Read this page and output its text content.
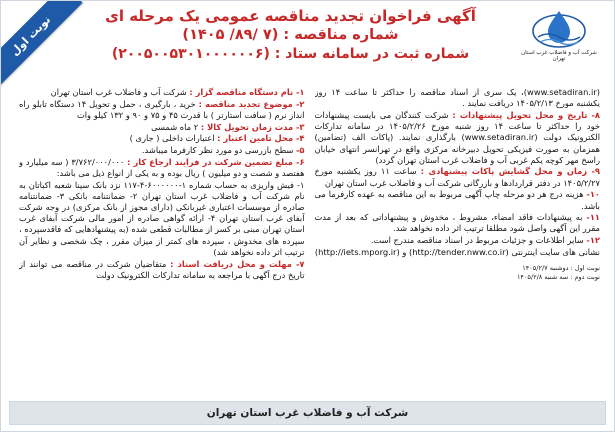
نوبت اول	شرکت آب و فاضلاب غرب استان تهران
آگهی فراخوان تجدید مناقصه عمومی یک مرحله ای
شماره مناقصه : (۷ /۸۹/ ۱۴۰۵)
شماره ثبت در سامانه ستاد : (۲۰۰۵۰۰۵۳۰۱۰۰۰۰۰۰۶)

۱- نام دستگاه مناقصه گزار : شرکت آب و فاضلاب غرب استان تهران

۲- موضوع تجدید مناقصه : خرید ، بارگیری ، حمل و تحویل ۱۴ دستگاه تابلو راه انداز نرم ( سافت استارتر ) با قدرت ۴۵ و ۷۵ و ۹۰ و ۱۳۲ کیلو وات

۳- مدت زمان تحویل کالا : ۲ ماه شمسی

۴- محل تامین اعتبار : اعتبارات داخلی ( جاری )

۵- سطح بازرسی دو مورد نظر کارفرما میباشد.

۶- مبلغ تضمین شرکت در فرایند ارجاع کار : ۳/۷۶۲/۰۰۰/۰۰۰ ( سه میلیارد و هفتصد و شصت و دو میلیون ) ریال بوده و به یکی از انواع ذیل می باشد:

۱- فیش واریزی به حساب شماره ۱-۶۰۰۰۰۰۰-۴-۱۱۷ نزد بانک سینا شعبه اکباتان به نام شرکت آب و فاضلاب غرب استان تهران ۲- ضمانتنامه بانکی ۳- ضمانتنامه صادره از موسسات اعتباری غیربانکی (دارای مجوز از بانک مرکزی) در وجه شرکت آبفای غرب استان تهران ۴- ارائه گواهی صادره از امور مالی شرکت آبفای غرب استان تهران مبنی بر کسر از مطالبات قطعی شده (به پیشنهادهایی که فاقدسپرده ، سپرده های مخدوش ، سپرده های کمتر از میزان مقرر ، چک شخصی و نظایر آن ترتیب اثر داده نخواهد شد)

۷- مهلت و محل دریافت اسناد : متقاضیان شرکت در مناقصه می توانند از تاریخ درج آگهی با مراجعه به سامانه تدارکات الکترونیک دولت

(www.setadiran.ir)، یک سری از اسناد مناقصه را حداکثر تا ساعت ۱۴ روز یکشنبه مورخ ۱۴۰۵/۲/۱۳ دریافت نمایند .

۸- تاریخ و محل تحویل پیشنهادات : شرکت کنندگان می بایست پیشنهادات خود را حداکثر تا ساعت ۱۴ روز شنبه مورخ ۱۴۰۵/۲/۲۶ در سامانه تدارکات الکترونیک دولت (www.setadiran.ir) بارگذاری نمایند. (پاکات الف (تضامین) همزمان به صورت فیزیکی تحویل دبیرخانه مرکزی واقع در تهرانسر انتهای خیابان راسخ مهر کوچه یکم غربی آب و فاضلاب غرب استان تهران گردد)

۹- زمان و محل گشایش پاکات پیشنهادی : ساعت ۱۱ روز یکشنبه مورخ ۱۴۰۵/۲/۲۷ در دفتر قراردادها و بازرگانی شرکت آب و فاضلاب غرب استان تهران

۱۰- هزینه درج هر دو مرحله چاپ آگهی مربوط به این مناقصه به عهده کارفرما می باشد.

۱۱- به پیشنهادات فاقد امضاء، مشروط ، مخدوش و پیشنهاداتی که بعد از مدت مقرر این آگهی واصل شود مطلقا ترتیب اثر داده نخواهد شد.

۱۲- سایر اطلاعات و جزئیات مربوط در اسناد مناقصه مندرج است.

نشانی های سایت اینترنتی (http://tender.nww.co.ir) و (http://iets.mporg.ir)

نوبت اول : دوشنبه ۱۴۰۵/۲/۷
نوبت دوم : سه شنبه ۱۴۰۵/۲/۸
شرکت آب و فاضلاب غرب استان تهران
